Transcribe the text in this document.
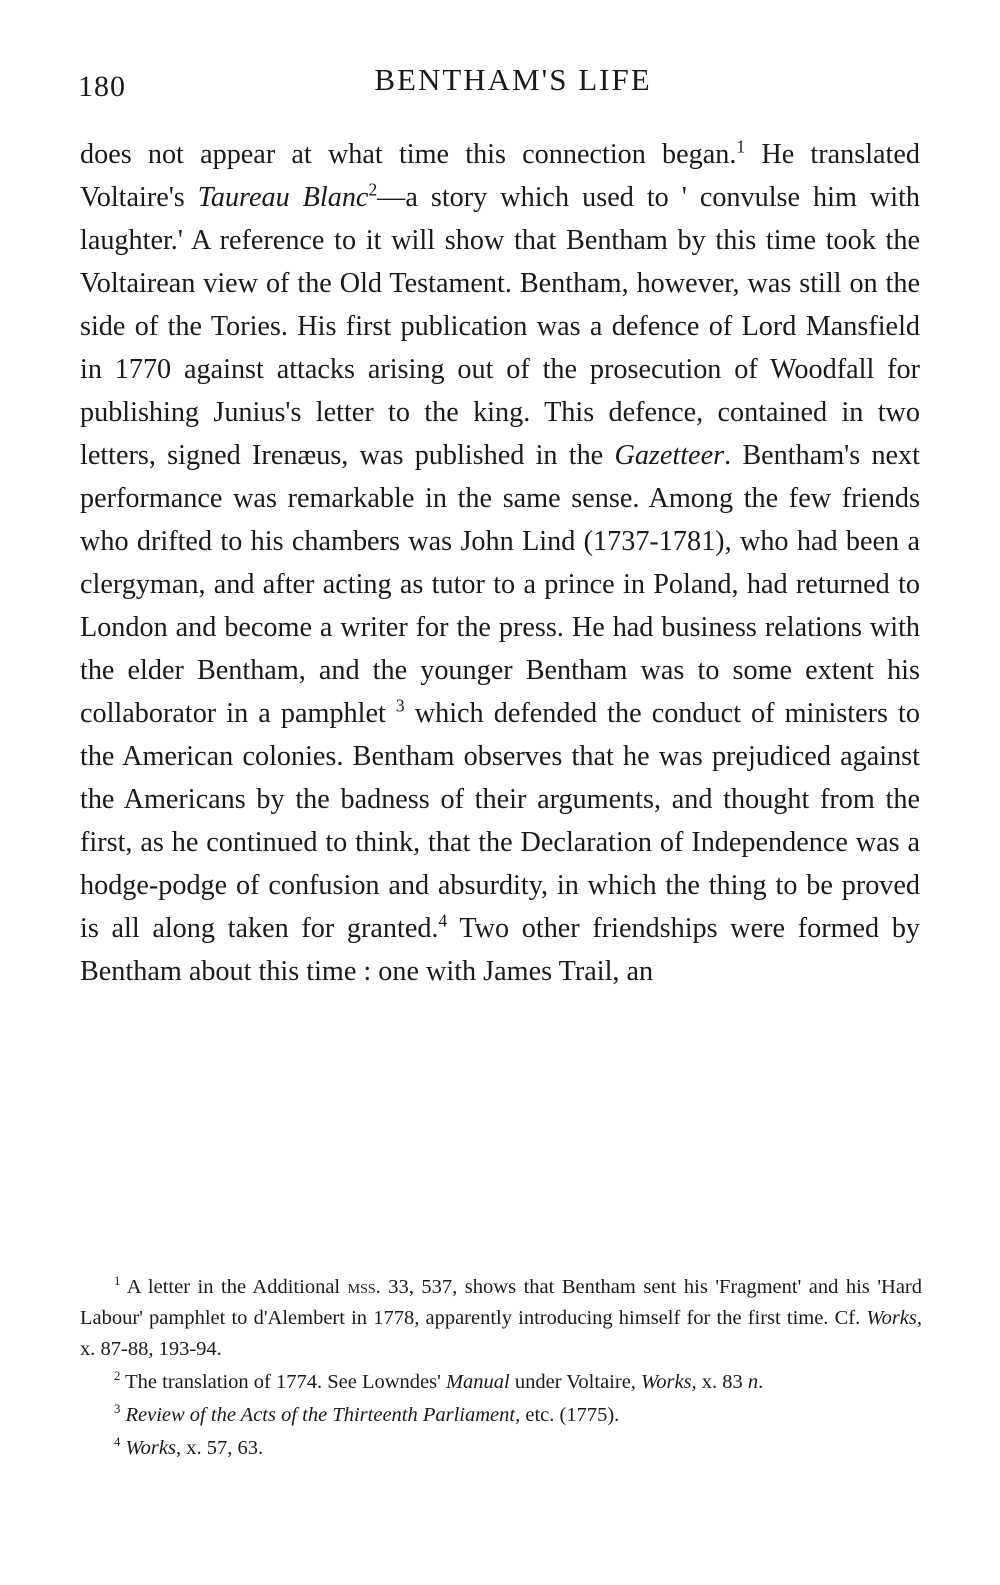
180	BENTHAM'S LIFE

does not appear at what time this connection began.$^1$ He translated Voltaire's Taureau Blanc$^2$—a story which used to ' convulse him with laughter.' A reference to it will show that Bentham by this time took the Voltairean view of the Old Testament. Bentham, however, was still on the side of the Tories. His first publication was a defence of Lord Mansfield in 1770 against attacks arising out of the prosecution of Woodfall for publishing Junius's letter to the king. This defence, contained in two letters, signed Irenæus, was published in the Gazetteer. Bentham's next performance was remarkable in the same sense. Among the few friends who drifted to his chambers was John Lind (1737-1781), who had been a clergyman, and after acting as tutor to a prince in Poland, had returned to London and become a writer for the press. He had business relations with the elder Bentham, and the younger Bentham was to some extent his collaborator in a pamphlet $^3$ which defended the conduct of ministers to the American colonies. Bentham observes that he was prejudiced against the Americans by the badness of their arguments, and thought from the first, as he continued to think, that the Declaration of Independence was a hodge-podge of confusion and absurdity, in which the thing to be proved is all along taken for granted.$^4$ Two other friendships were formed by Bentham about this time : one with James Trail, an

$^1$ A letter in the Additional mss. 33, 537, shows that Bentham sent his 'Fragment' and his 'Hard Labour' pamphlet to d'Alembert in 1778, apparently introducing himself for the first time. Cf. Works, x. 87-88, 193-94.

$^2$ The translation of 1774. See Lowndes' Manual under Voltaire, Works, x. 83 n.

$^3$ Review of the Acts of the Thirteenth Parliament, etc. (1775).

$^4$ Works, x. 57, 63.
